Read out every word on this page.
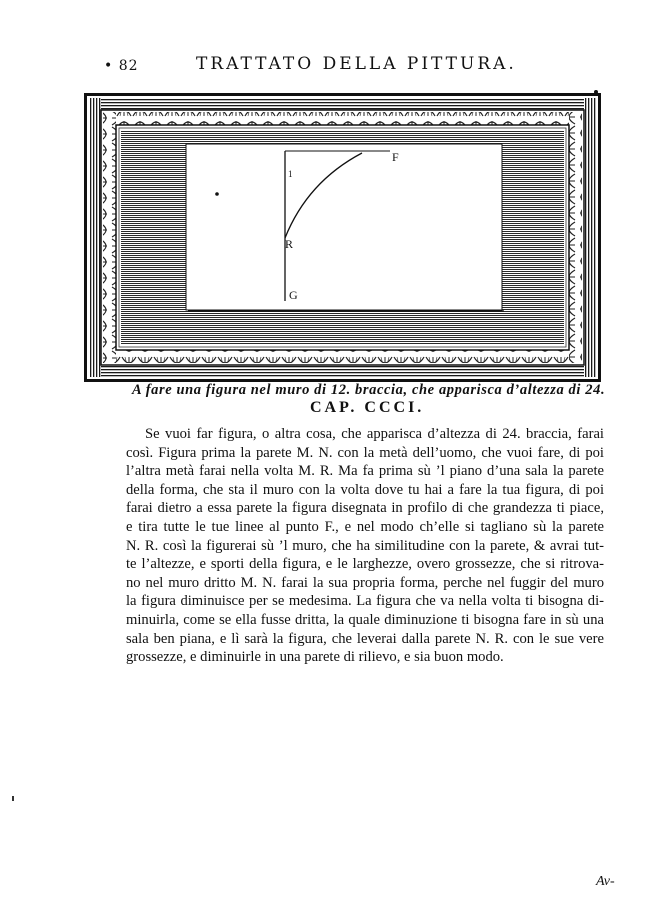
• 82	TRATTATO DELLA PITTURA.
F
1
R
G
A fare una figura nel muro di 12. braccia, che apparisca d’altezza di 24.
CAP. CCCI.
Se vuoi far figura, o altra cosa, che apparisca d’altezza di 24. braccia, farai
così. Figura prima la parete M. N. con la metà dell’uomo, che vuoi fare, di poi
l’altra metà farai nella volta M. R. Ma fa prima sù ’l piano d’una sala la parete
della forma, che sta il muro con la volta dove tu hai a fare la tua figura, di poi
farai dietro a essa parete la figura disegnata in profilo di che grandezza ti piace,
e tira tutte le tue linee al punto F., e nel modo ch’elle si tagliano sù la parete
N. R. così la figurerai sù ’l muro, che ha similitudine con la parete, & avrai tut-
te l’altezze, e sporti della figura, e le larghezze, overo grossezze, che si ritrova-
no nel muro dritto M. N. farai la sua propria forma, perche nel fuggir del muro
la figura diminuisce per se medesima. La figura che va nella volta ti bisogna di-
minuirla, come se ella fusse dritta, la quale diminuzione ti bisogna fare in sù una
sala ben piana, e lì sarà la figura, che leverai dalla parete N. R. con le sue vere
grossezze, e diminuirle in una parete di rilievo, e sia buon modo.
Av-
